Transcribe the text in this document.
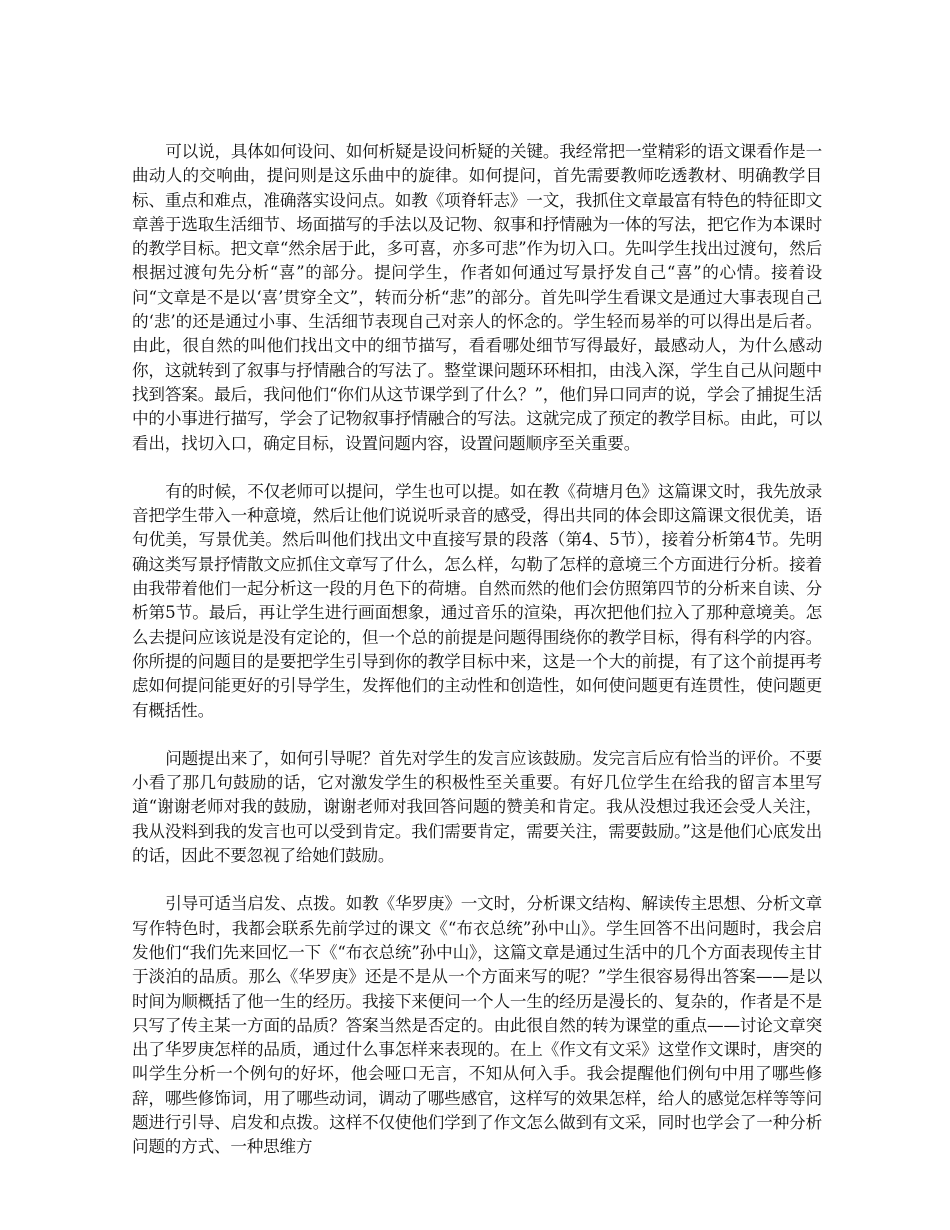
可以说，具体如何设问、如何析疑是设问析疑的关键。我经常把一堂精彩的语文课看作是一曲动人的交响曲，提问则是这乐曲中的旋律。如何提问，首先需要教师吃透教材、明确教学目标、重点和难点，准确落实设问点。如教《项脊轩志》一文，我抓住文章最富有特色的特征即文章善于选取生活细节、场面描写的手法以及记物、叙事和抒情融为一体的写法，把它作为本课时的教学目标。把文章“然余居于此，多可喜，亦多可悲”作为切入口。先叫学生找出过渡句，然后根据过渡句先分析“喜”的部分。提问学生，作者如何通过写景抒发自己“喜”的心情。接着设问“文章是不是以‘喜’贯穿全文”，转而分析“悲”的部分。首先叫学生看课文是通过大事表现自己的‘悲’的还是通过小事、生活细节表现自己对亲人的怀念的。学生轻而易举的可以得出是后者。由此，很自然的叫他们找出文中的细节描写，看看哪处细节写得最好，最感动人，为什么感动你，这就转到了叙事与抒情融合的写法了。整堂课问题环环相扣，由浅入深，学生自己从问题中找到答案。最后，我问他们“你们从这节课学到了什么？”，他们异口同声的说，学会了捕捉生活中的小事进行描写，学会了记物叙事抒情融合的写法。这就完成了预定的教学目标。由此，可以看出，找切入口，确定目标，设置问题内容，设置问题顺序至关重要。

有的时候，不仅老师可以提问，学生也可以提。如在教《荷塘月色》这篇课文时，我先放录音把学生带入一种意境，然后让他们说说听录音的感受，得出共同的体会即这篇课文很优美，语句优美，写景优美。然后叫他们找出文中直接写景的段落（第4、5节），接着分析第4节。先明确这类写景抒情散文应抓住文章写了什么，怎么样，勾勒了怎样的意境三个方面进行分析。接着由我带着他们一起分析这一段的月色下的荷塘。自然而然的他们会仿照第四节的分析来自读、分析第5节。最后，再让学生进行画面想象，通过音乐的渲染，再次把他们拉入了那种意境美。怎么去提问应该说是没有定论的，但一个总的前提是问题得围绕你的教学目标，得有科学的内容。你所提的问题目的是要把学生引导到你的教学目标中来，这是一个大的前提，有了这个前提再考虑如何提问能更好的引导学生，发挥他们的主动性和创造性，如何使问题更有连贯性，使问题更有概括性。

问题提出来了，如何引导呢？首先对学生的发言应该鼓励。发完言后应有恰当的评价。不要小看了那几句鼓励的话，它对激发学生的积极性至关重要。有好几位学生在给我的留言本里写道“谢谢老师对我的鼓励，谢谢老师对我回答问题的赞美和肯定。我从没想过我还会受人关注，我从没料到我的发言也可以受到肯定。我们需要肯定，需要关注，需要鼓励。”这是他们心底发出的话，因此不要忽视了给她们鼓励。

引导可适当启发、点拨。如教《华罗庚》一文时，分析课文结构、解读传主思想、分析文章写作特色时，我都会联系先前学过的课文《“布衣总统”孙中山》。学生回答不出问题时，我会启发他们“我们先来回忆一下《“布衣总统”孙中山》，这篇文章是通过生活中的几个方面表现传主甘于淡泊的品质。那么《华罗庚》还是不是从一个方面来写的呢？”学生很容易得出答案——是以时间为顺概括了他一生的经历。我接下来便问一个人一生的经历是漫长的、复杂的，作者是不是只写了传主某一方面的品质？答案当然是否定的。由此很自然的转为课堂的重点——讨论文章突出了华罗庚怎样的品质，通过什么事怎样来表现的。在上《作文有文采》这堂作文课时，唐突的叫学生分析一个例句的好坏，他会哑口无言，不知从何入手。我会提醒他们例句中用了哪些修辞，哪些修饰词，用了哪些动词，调动了哪些感官，这样写的效果怎样，给人的感觉怎样等等问题进行引导、启发和点拨。这样不仅使他们学到了作文怎么做到有文采，同时也学会了一种分析问题的方式、一种思维方
